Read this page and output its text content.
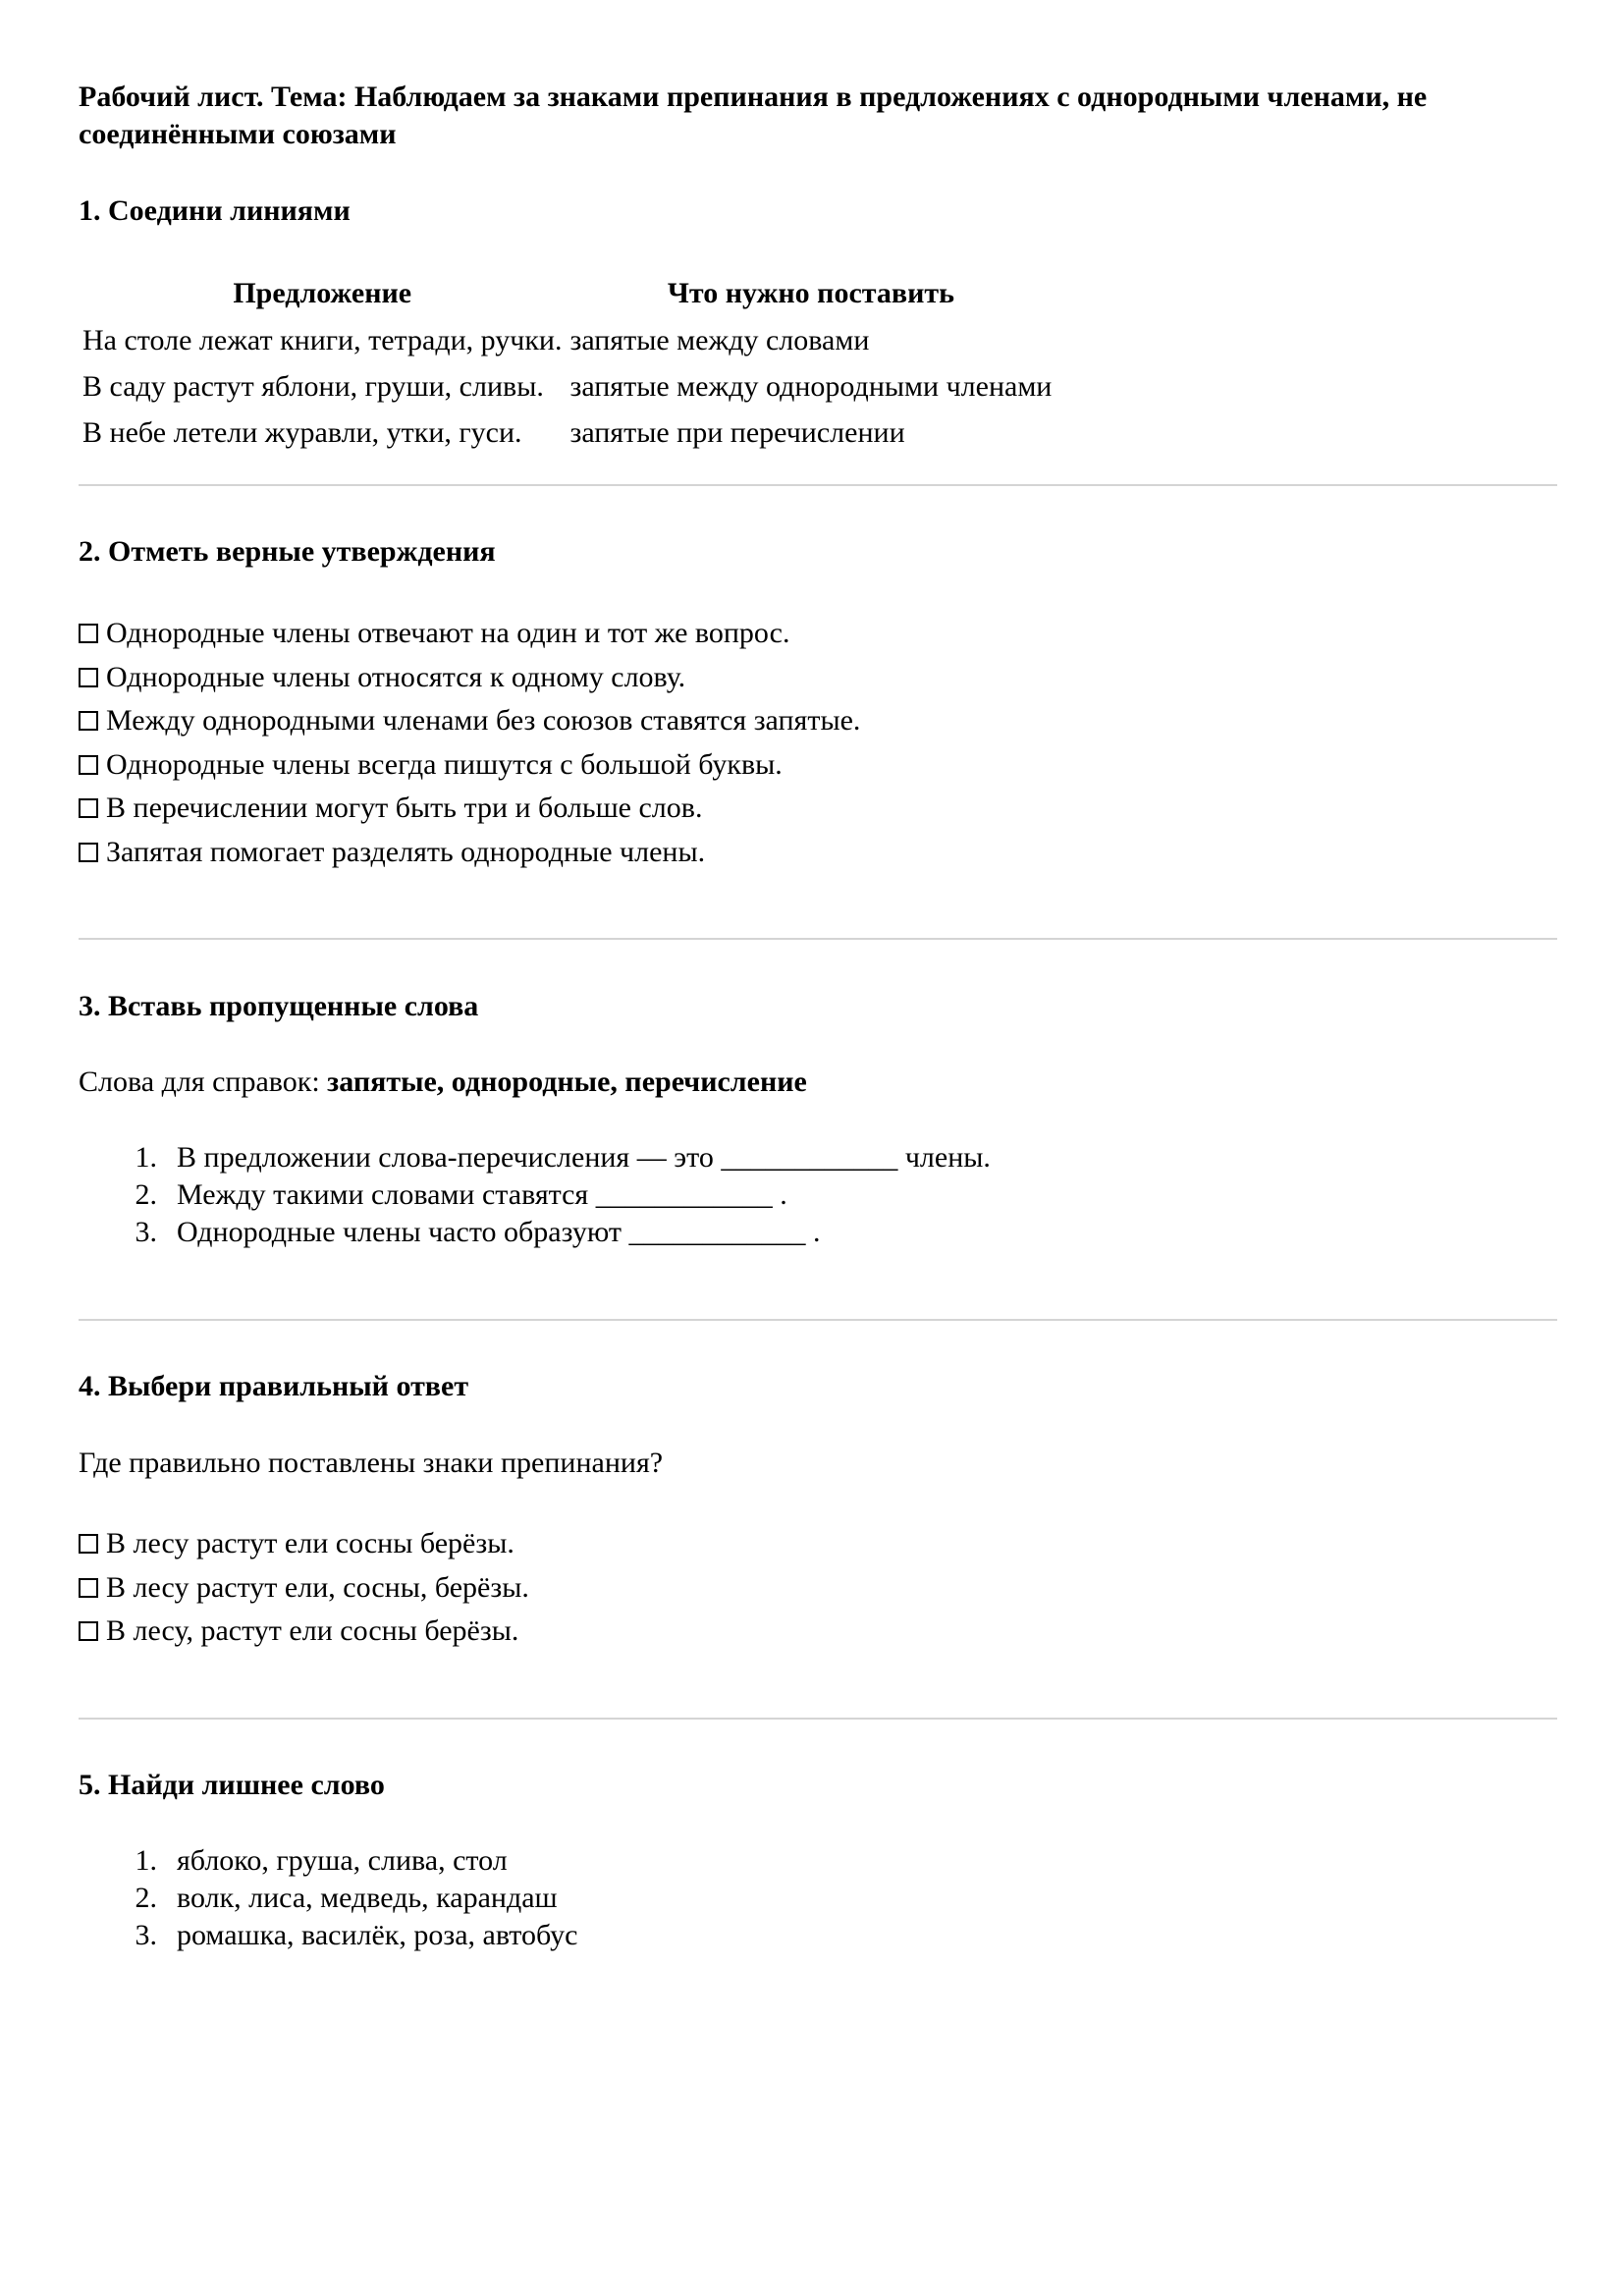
Рабочий лист. Тема: Наблюдаем за знаками препинания в предложениях с однородными членами, не соединёнными союзами
1. Соедини линиями
Предложение	Что нужно поставить
На столе лежат книги, тетради, ручки.	запятые между словами
В саду растут яблони, груши, сливы.	запятые между однородными членами
В небе летели журавли, утки, гуси.	запятые при перечислении
2. Отметь верные утверждения
Однородные члены отвечают на один и тот же вопрос.
Однородные члены относятся к одному слову.
Между однородными членами без союзов ставятся запятые.
Однородные члены всегда пишутся с большой буквы.
В перечислении могут быть три и больше слов.
Запятая помогает разделять однородные члены.
3. Вставь пропущенные слова

Слова для справок: запятые, однородные, перечисление

1. В предложении слова-перечисления — это ____________ члены.
2. Между такими словами ставятся ____________ .
3. Однородные члены часто образуют ____________ .
4. Выбери правильный ответ

Где правильно поставлены знаки препинания?

В лесу растут ели сосны берёзы.
В лесу растут ели, сосны, берёзы.
В лесу, растут ели сосны берёзы.
5. Найди лишнее слово
1. яблоко, груша, слива, стол
2. волк, лиса, медведь, карандаш
3. ромашка, василёк, роза, автобус
